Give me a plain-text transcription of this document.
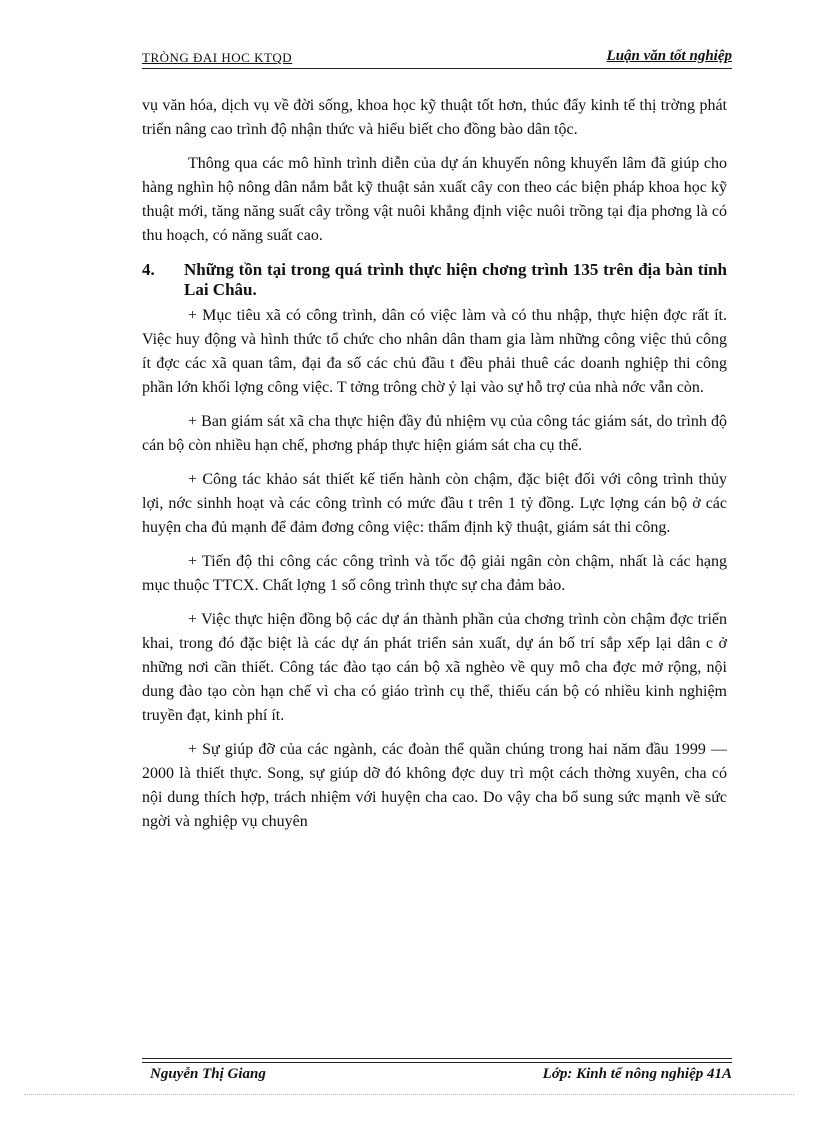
TRÒNG ĐAI HOC KTQD	Luận văn tốt nghiệp

vụ văn hóa, dịch vụ về đời sống, khoa học kỹ thuật tốt hơn, thúc đẩy kinh tế thị trờng phát triển nâng cao trình độ nhận thức và hiểu biết cho đồng bào dân tộc.

Thông qua các mô hình trình diễn của dự án khuyến nông khuyến lâm đã giúp cho hàng nghìn hộ nông dân nắm bắt kỹ thuật sản xuất cây con theo các biện pháp khoa học kỹ thuật mới, tăng năng suất cây trồng vật nuôi khẳng định việc nuôi trồng tại địa phơng là có thu hoạch, có năng suất cao.

4.	Những tồn tại trong quá trình thực hiện chơng trình 135 trên địa bàn tỉnh Lai Châu.

+ Mục tiêu xã có công trình, dân có việc làm và có thu nhập, thực hiện đợc rất ít. Việc huy động và hình thức tổ chức cho nhân dân tham gia làm những công việc thủ công ít đợc các xã quan tâm, đại đa số các chủ đầu t đều phải thuê các doanh nghiệp thi công phần lớn khối lợng công việc. T tởng trông chờ ỷ lại vào sự hỗ trợ của nhà nớc vẫn còn.

+ Ban giám sát xã cha thực hiện đầy đủ nhiệm vụ của công tác giám sát, do trình độ cán bộ còn nhiều hạn chế, phơng pháp thực hiện giám sát cha cụ thể.

+ Công tác khảo sát thiết kế tiến hành còn chậm, đặc biệt đối với công trình thủy lợi, nớc sinhh hoạt và các công trình có mức đầu t trên 1 tỷ đồng. Lực lợng cán bộ ở các huyện cha đủ mạnh để đảm đơng công việc: thẩm định kỹ thuật, giám sát thi công.

+ Tiến độ thi công các công trình và tốc độ giải ngân còn chậm, nhất là các hạng mục thuộc TTCX. Chất lợng 1 số công trình thực sự cha đảm bảo.

+ Việc thực hiện đồng bộ các dự án thành phần của chơng trình còn chậm đợc triển khai, trong đó đặc biệt là các dự án phát triển sản xuất, dự án bố trí sắp xếp lại dân c ở những nơi cần thiết. Công tác đào tạo cán bộ xã nghèo về quy mô cha đợc mở rộng, nội dung đào tạo còn hạn chế vì cha có giáo trình cụ thể, thiếu cán bộ có nhiều kinh nghiệm truyền đạt, kinh phí ít.

+ Sự giúp đỡ của các ngành, các đoàn thể quần chúng trong hai năm đầu 1999 — 2000 là thiết thực. Song, sự giúp dỡ đó không đợc duy trì một cách thờng xuyên, cha có nội dung thích hợp, trách nhiệm với huyện cha cao. Do vậy cha bổ sung sức mạnh về sức ngời và nghiệp vụ chuyên

Nguyễn Thị Giang	Lớp: Kinh tế nông nghiệp 41A
